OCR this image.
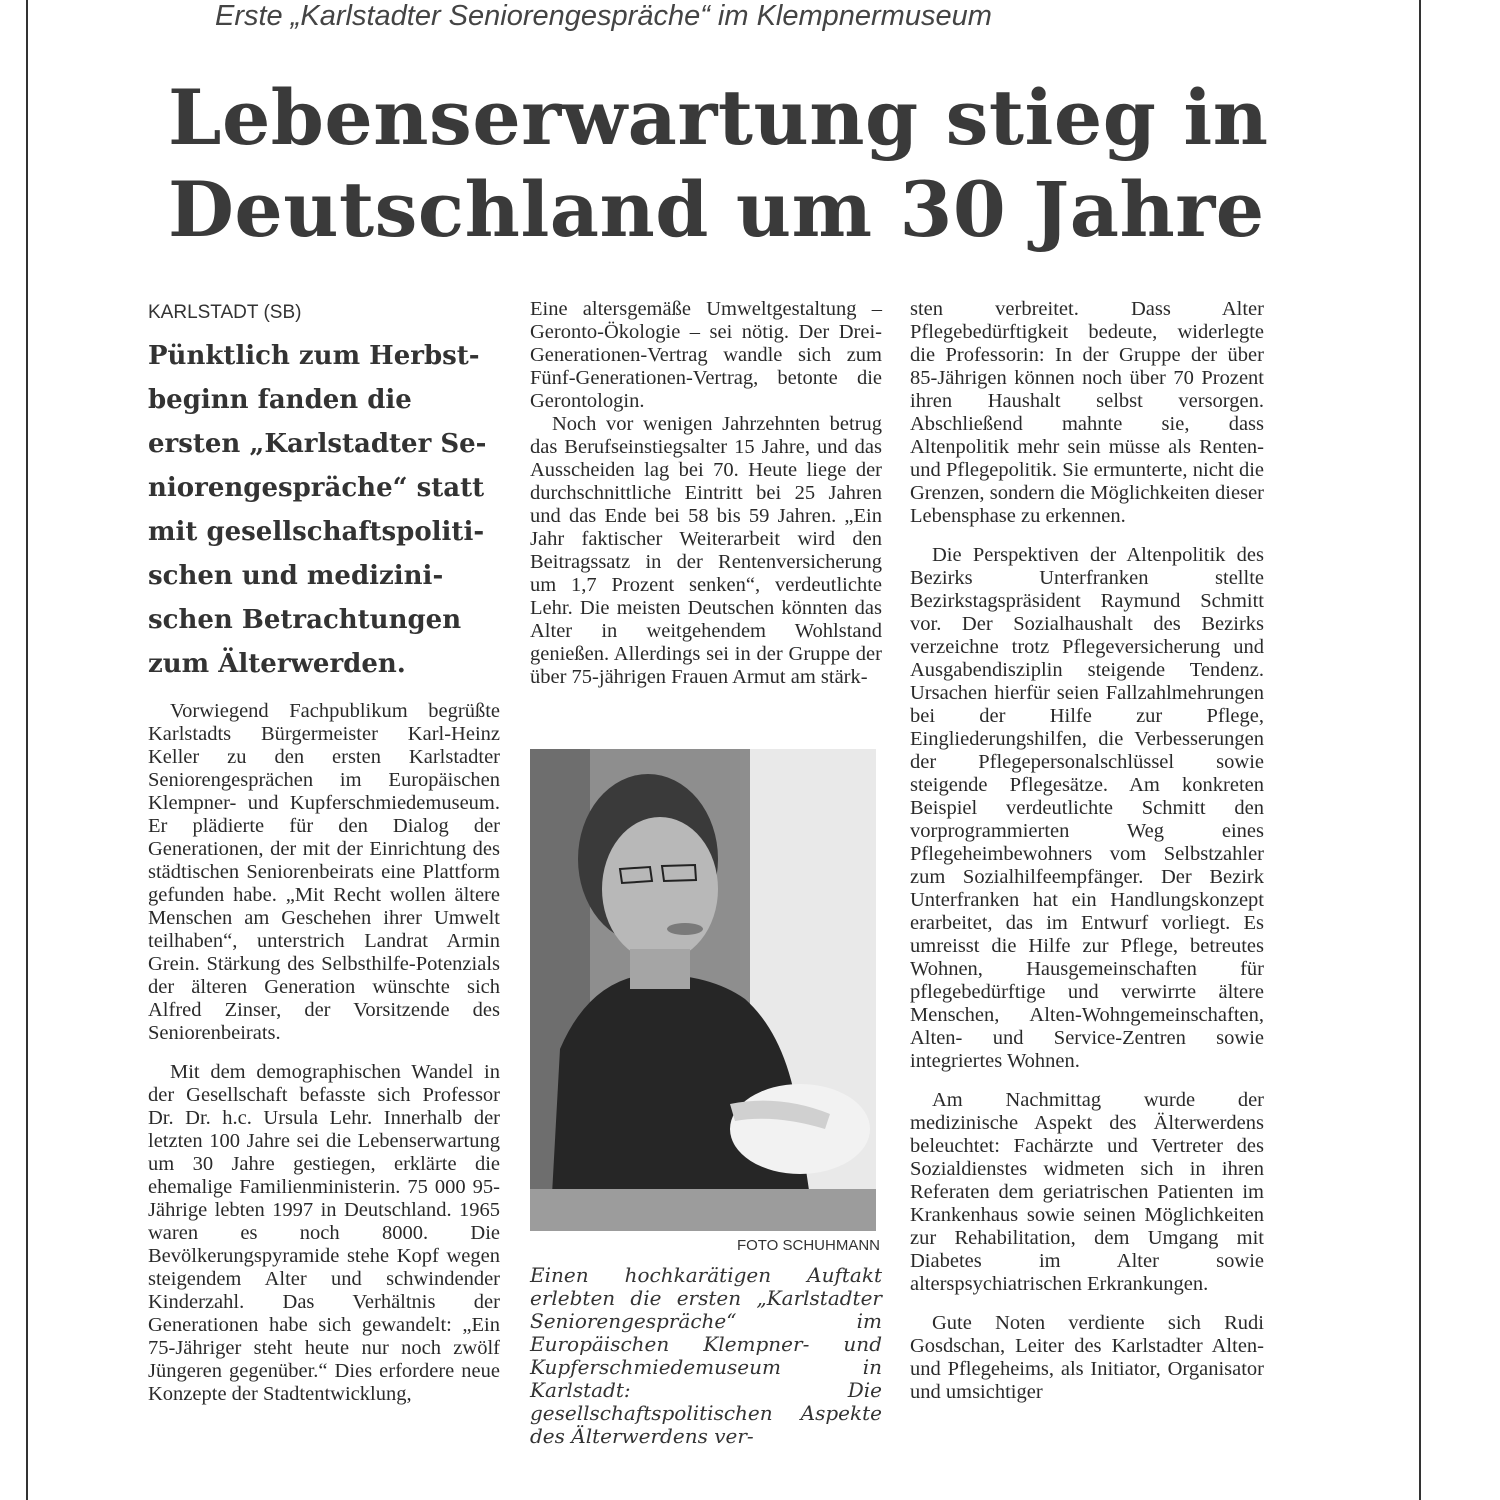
Erste „Karlstadter Seniorengespräche“ im Klempnermuseum
Lebenserwartung stieg in Deutschland um 30 Jahre
KARLSTADT (SB)
Pünktlich zum Herbst-beginn fanden die ersten „Karlstadter Se-niorengespräche“ statt mit gesellschaftspoliti-schen und medizini-schen Betrachtungen zum Älterwerden.

Vorwiegend Fachpublikum begrüßte Karlstadts Bürgermeister Karl-Heinz Keller zu den ersten Karlstadter Seniorengesprächen im Europäischen Klempner- und Kupferschmiedemuseum. Er plädierte für den Dialog der Generationen, der mit der Einrichtung des städtischen Seniorenbeirats eine Plattform gefunden habe. „Mit Recht wollen ältere Menschen am Geschehen ihrer Umwelt teilhaben“, unterstrich Landrat Armin Grein. Stärkung des Selbsthilfe-Potenzials der älteren Generation wünschte sich Alfred Zinser, der Vorsitzende des Seniorenbeirats.

Mit dem demographischen Wandel in der Gesellschaft befasste sich Professor Dr. Dr. h.c. Ursula Lehr. Innerhalb der letzten 100 Jahre sei die Lebenserwartung um 30 Jahre gestiegen, erklärte die ehemalige Familienministerin. 75 000 95-Jährige lebten 1997 in Deutschland. 1965 waren es noch 8000. Die Bevölkerungspyramide stehe Kopf wegen steigendem Alter und schwindender Kinderzahl. Das Verhältnis der Generationen habe sich gewandelt: „Ein 75-Jähriger steht heute nur noch zwölf Jüngeren gegenüber.“ Dies erfordere neue Konzepte der Stadtentwicklung,

Eine altersgemäße Umweltgestaltung – Geronto-Ökologie – sei nötig. Der Drei-Generationen-Vertrag wandle sich zum Fünf-Generationen-Vertrag, betonte die Gerontologin.

Noch vor wenigen Jahrzehnten betrug das Berufseinstiegsalter 15 Jahre, und das Ausscheiden lag bei 70. Heute liege der durchschnittliche Eintritt bei 25 Jahren und das Ende bei 58 bis 59 Jahren. „Ein Jahr faktischer Weiterarbeit wird den Beitragssatz in der Rentenversicherung um 1,7 Prozent senken“, verdeutlichte Lehr. Die meisten Deutschen könnten das Alter in weitgehendem Wohlstand genießen. Allerdings sei in der Gruppe der über 75-jährigen Frauen Armut am stärk-

FOTO SCHUHMANN

Einen hochkarätigen Auftakt erlebten die ersten „Karlstadter Seniorengespräche“ im Europäischen Klempner- und Kupferschmiedemuseum in Karlstadt: Die gesellschaftspolitischen Aspekte des Älterwerdens ver-

sten verbreitet. Dass Alter Pflegebedürftigkeit bedeute, widerlegte die Professorin: In der Gruppe der über 85-Jährigen können noch über 70 Prozent ihren Haushalt selbst versorgen. Abschließend mahnte sie, dass Altenpolitik mehr sein müsse als Renten- und Pflegepolitik. Sie ermunterte, nicht die Grenzen, sondern die Möglichkeiten dieser Lebensphase zu erkennen.

Die Perspektiven der Altenpolitik des Bezirks Unterfranken stellte Bezirkstagspräsident Raymund Schmitt vor. Der Sozialhaushalt des Bezirks verzeichne trotz Pflegeversicherung und Ausgabendisziplin steigende Tendenz. Ursachen hierfür seien Fallzahlmehrungen bei der Hilfe zur Pflege, Eingliederungshilfen, die Verbesserungen der Pflegepersonalschlüssel sowie steigende Pflegesätze. Am konkreten Beispiel verdeutlichte Schmitt den vorprogrammierten Weg eines Pflegeheimbewohners vom Selbstzahler zum Sozialhilfeempfänger. Der Bezirk Unterfranken hat ein Handlungskonzept erarbeitet, das im Entwurf vorliegt. Es umreisst die Hilfe zur Pflege, betreutes Wohnen, Hausgemeinschaften für pflegebedürftige und verwirrte ältere Menschen, Alten-Wohngemeinschaften, Alten- und Service-Zentren sowie integriertes Wohnen.

Am Nachmittag wurde der medizinische Aspekt des Älterwerdens beleuchtet: Fachärzte und Vertreter des Sozialdienstes widmeten sich in ihren Referaten dem geriatrischen Patienten im Krankenhaus sowie seinen Möglichkeiten zur Rehabilitation, dem Umgang mit Diabetes im Alter sowie alterspsychiatrischen Erkrankungen.

Gute Noten verdiente sich Rudi Gosdschan, Leiter des Karlstadter Alten- und Pflegeheims, als Initiator, Organisator und umsichtiger
